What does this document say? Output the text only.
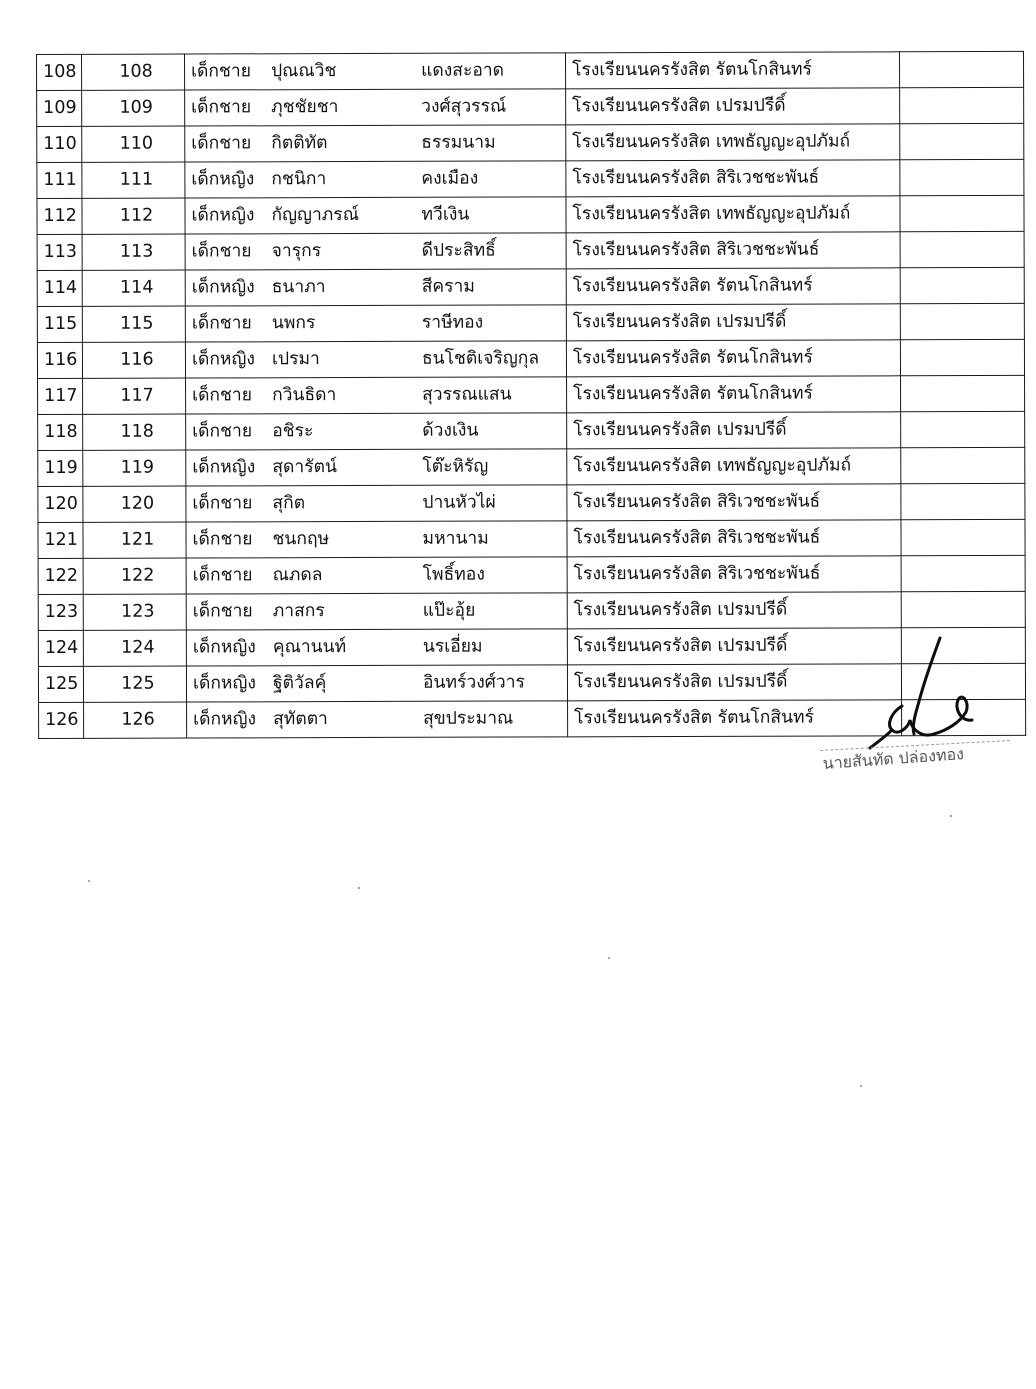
108	108	เด็กชาย ปุณณวิช แดงสะอาด	โรงเรียนนครรังสิต รัตนโกสินทร์	
109	109	เด็กชาย ภุชชัยชา วงศ์สุวรรณ์	โรงเรียนนครรังสิต เปรมปรีดิ์	
110	110	เด็กชาย กิตติทัต ธรรมนาม	โรงเรียนนครรังสิต เทพธัญญะอุปภัมถ์	
111	111	เด็กหญิง กชนิกา คงเมือง	โรงเรียนนครรังสิต สิริเวชชะพันธ์	
112	112	เด็กหญิง กัญญาภรณ์ ทวีเงิน	โรงเรียนนครรังสิต เทพธัญญะอุปภัมถ์	
113	113	เด็กชาย จารุกร ดีประสิทธิ์	โรงเรียนนครรังสิต สิริเวชชะพันธ์	
114	114	เด็กหญิง ธนาภา สีคราม	โรงเรียนนครรังสิต รัตนโกสินทร์	
115	115	เด็กชาย นพกร ราษีทอง	โรงเรียนนครรังสิต เปรมปรีดิ์	
116	116	เด็กหญิง เปรมา ธนโชติเจริญกุล	โรงเรียนนครรังสิต รัตนโกสินทร์	
117	117	เด็กชาย กวินธิดา สุวรรณแสน	โรงเรียนนครรังสิต รัตนโกสินทร์	
118	118	เด็กชาย อชิระ ด้วงเงิน	โรงเรียนนครรังสิต เปรมปรีดิ์	
119	119	เด็กหญิง สุดารัตน์ โต๊ะหิรัญ	โรงเรียนนครรังสิต เทพธัญญะอุปภัมถ์	
120	120	เด็กชาย สุกิต ปานหัวไผ่	โรงเรียนนครรังสิต สิริเวชชะพันธ์	
121	121	เด็กชาย ชนกฤษ มหานาม	โรงเรียนนครรังสิต สิริเวชชะพันธ์	
122	122	เด็กชาย ณภดล โพธิ์ทอง	โรงเรียนนครรังสิต สิริเวชชะพันธ์	
123	123	เด็กชาย ภาสกร แป๊ะอุ้ย	โรงเรียนนครรังสิต เปรมปรีดิ์	
124	124	เด็กหญิง คุณานนท์ นรเอี่ยม	โรงเรียนนครรังสิต เปรมปรีดิ์	
125	125	เด็กหญิง ฐิติวัลคุ์ อินทร์วงศ์วาร	โรงเรียนนครรังสิต เปรมปรีดิ์	
126	126	เด็กหญิง สุทัตตา สุขประมาณ	โรงเรียนนครรังสิต รัตนโกสินทร์	
นายสันทัด ปล่องทอง
